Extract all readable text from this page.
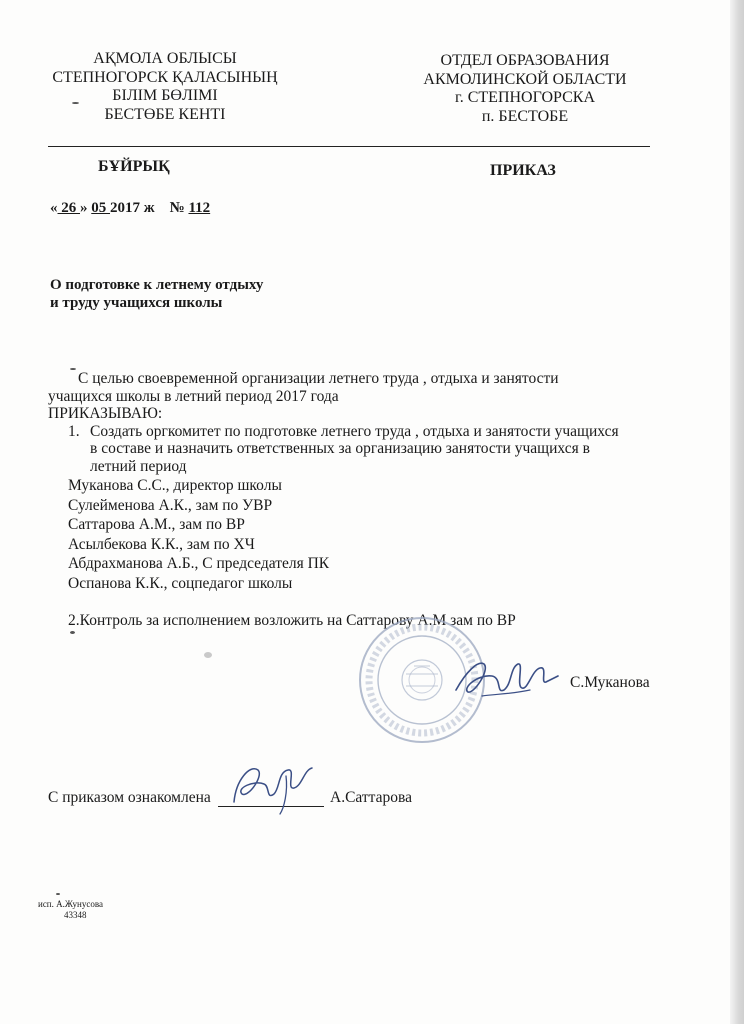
АҚМОЛА ОБЛЫСЫ
СТЕПНОГОРСК ҚАЛАСЫНЫҢ
БІЛІМ БӨЛІМІ
БЕСТӨБЕ КЕНТІ
ОТДЕЛ ОБРАЗОВАНИЯ
АКМОЛИНСКОЙ ОБЛАСТИ
г. СТЕПНОГОРСКА
п. БЕСТОБЕ
БҰЙРЫҚ	ПРИКАЗ
« 26 » 05 2017 ж № 112
О подготовке к летнему отдыху
и труду учащихся школы
С целью своевременной организации летнего труда , отдыха и занятости
учащихся школы в летний период 2017 года
ПРИКАЗЫВАЮ:
1. Создать оргкомитет по подготовке летнего труда , отдыха и занятости учащихся
в составе и назначить ответственных за организацию занятости учащихся в
летний период
Муканова С.С., директор школы
Сулейменова А.К., зам по УВР
Саттарова А.М., зам по ВР
Асылбекова К.К., зам по ХЧ
Абдрахманова А.Б., С председателя ПК
Оспанова К.К., соцпедагог школы
2.Контроль за исполнением возложить на Саттарову А.М зам по ВР
С.Муканова
С приказом ознакомлена	А.Саттарова
исп. А.Жунусова
43348
